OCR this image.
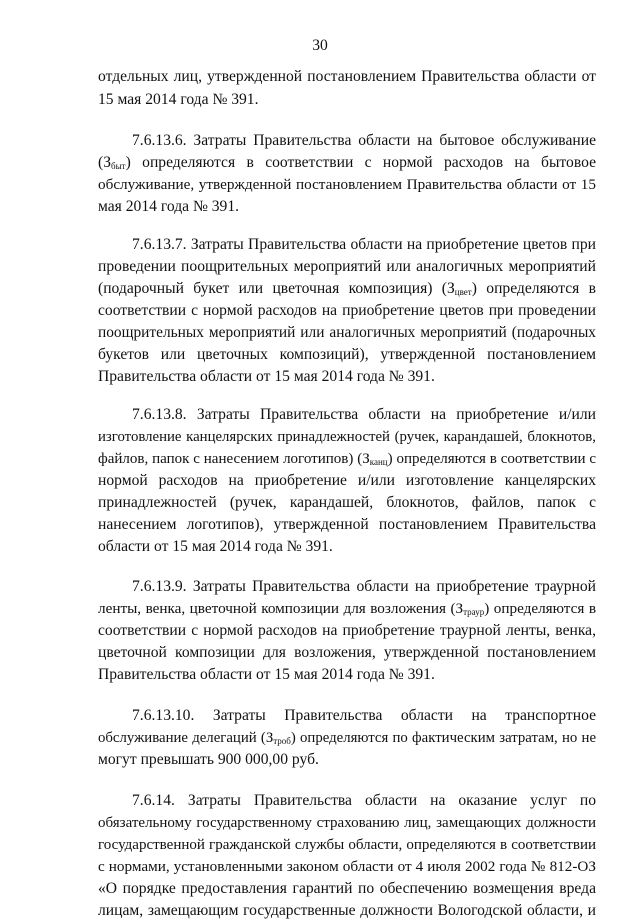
30
отдельных лиц, утвержденной постановлением Правительства области от
15 мая 2014 года № 391.
7.6.13.6. Затраты Правительства области на бытовое обслуживание
$(З_{быт})$ определяются в соответствии с нормой расходов на бытовое
обслуживание, утвержденной постановлением Правительства области от 15
мая 2014 года № 391.
7.6.13.7. Затраты Правительства области на приобретение цветов при
проведении поощрительных мероприятий или аналогичных мероприятий
(подарочный букет или цветочная композиция) $(З_{цвет})$ определяются в
соответствии с нормой расходов на приобретение цветов при проведении
поощрительных мероприятий или аналогичных мероприятий (подарочных
букетов или цветочных композиций), утвержденной постановлением
Правительства области от 15 мая 2014 года № 391.
7.6.13.8. Затраты Правительства области на приобретение и/или
изготовление канцелярских принадлежностей (ручек, карандашей, блокнотов,
файлов, папок с нанесением логотипов) $(З_{канц})$ определяются в соответствии с
нормой расходов на приобретение и/или изготовление канцелярских
принадлежностей (ручек, карандашей, блокнотов, файлов, папок с
нанесением логотипов), утвержденной постановлением Правительства
области от 15 мая 2014 года № 391.
7.6.13.9. Затраты Правительства области на приобретение траурной
ленты, венка, цветочной композиции для возложения $(З_{траур})$ определяются в
соответствии с нормой расходов на приобретение траурной ленты, венка,
цветочной композиции для возложения, утвержденной постановлением
Правительства области от 15 мая 2014 года № 391.
7.6.13.10. Затраты Правительства области на транспортное
обслуживание делегаций $(З_{троб})$ определяются по фактическим затратам, но не
могут превышать 900 000,00 руб.
7.6.14. Затраты Правительства области на оказание услуг по
обязательному государственному страхованию лиц, замещающих должности
государственной гражданской службы области, определяются в соответствии
с нормами, установленными законом области от 4 июля 2002 года № 812-ОЗ
«О порядке предоставления гарантий по обеспечению возмещения вреда
лицам, замещающим государственные должности Вологодской области, и
